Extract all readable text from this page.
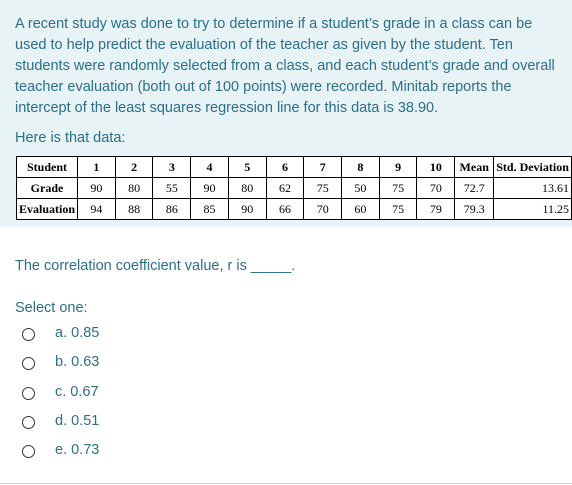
A recent study was done to try to determine if a student’s grade in a class can be used to help predict the evaluation of the teacher as given by the student. Ten students were randomly selected from a class, and each student’s grade and overall teacher evaluation (both out of 100 points) were recorded. Minitab reports the intercept of the least squares regression line for this data is 38.90.
Here is that data:
Student	1	2	3	4	5	6	7	8	9	10	Mean	Std. Deviation
Grade	90	80	55	90	80	62	75	50	75	70	72.7	13.61
Evaluation	94	88	86	85	90	66	70	60	75	79	79.3	11.25
The correlation coefficient value, r is _____.
Select one:
a. 0.85
b. 0.63
c. 0.67
d. 0.51
e. 0.73
